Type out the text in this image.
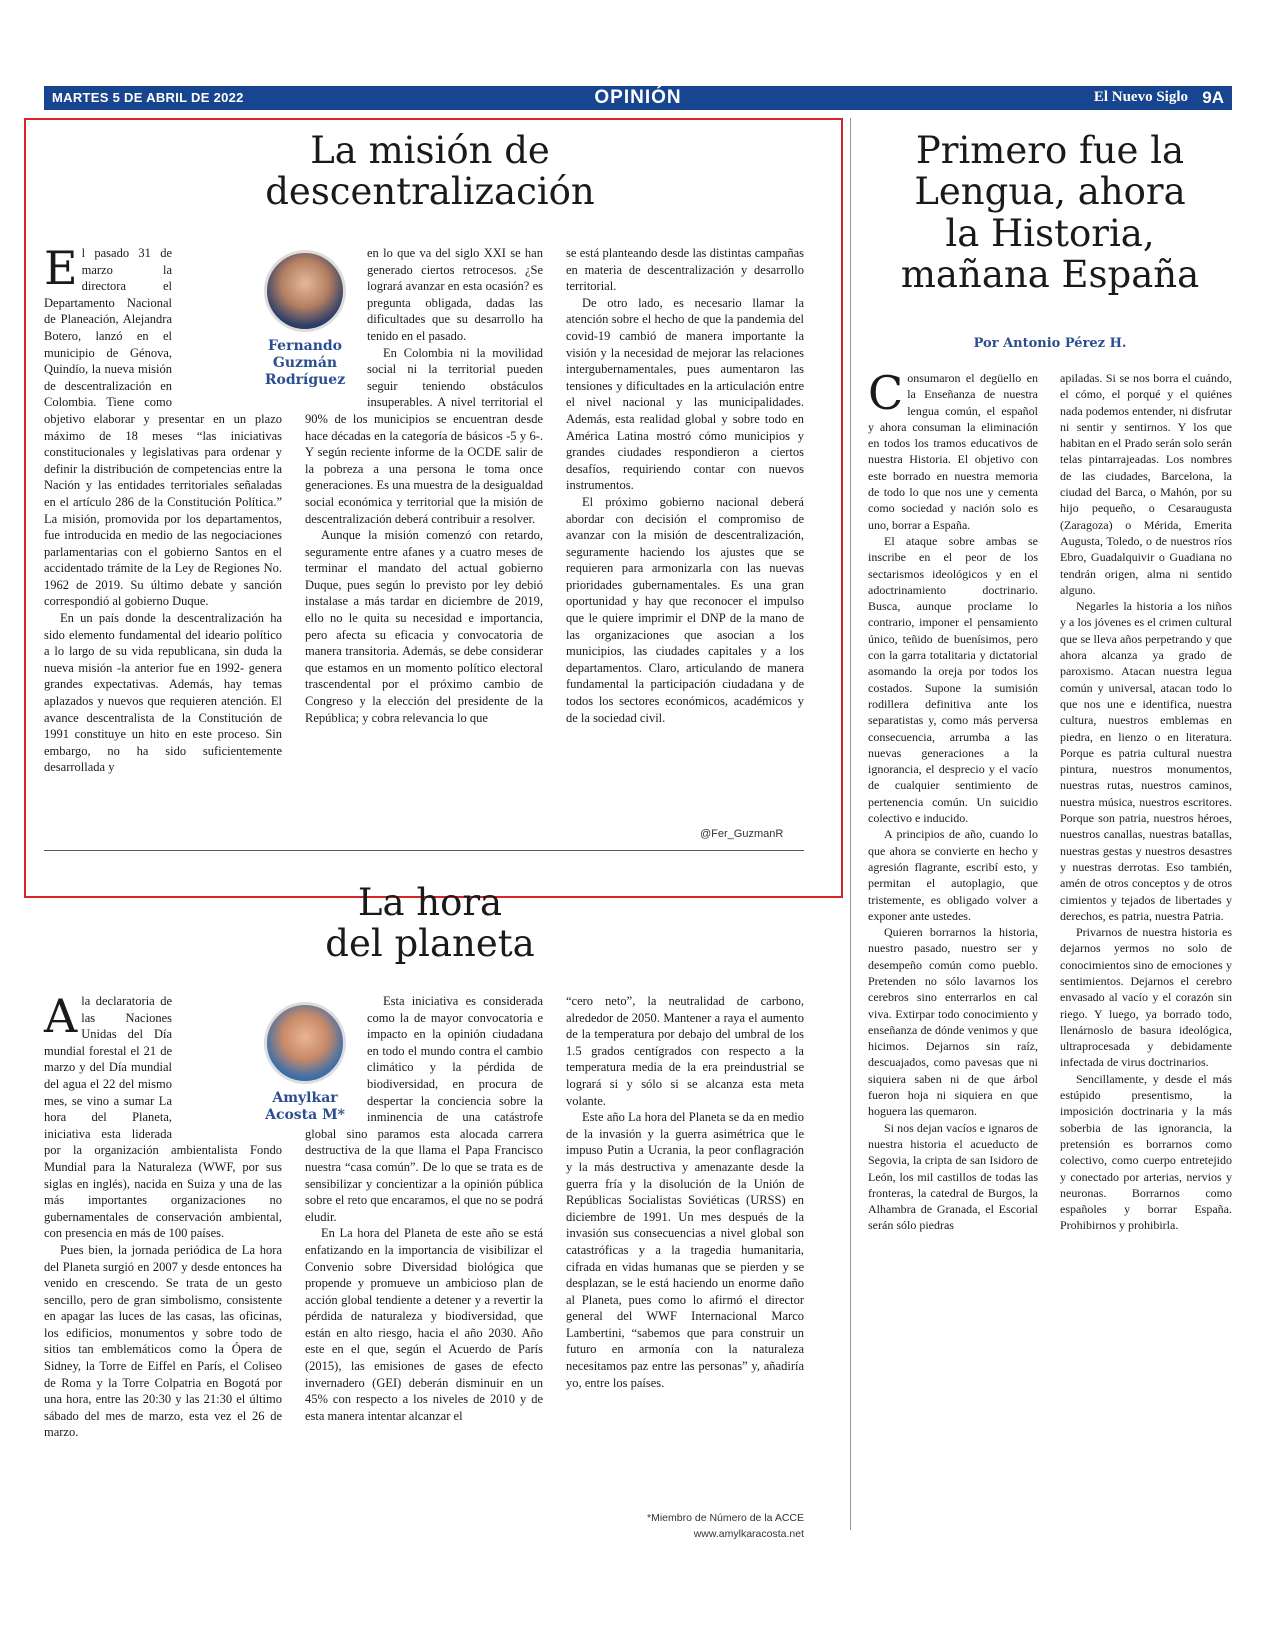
MARTES 5 DE ABRIL DE 2022	OPINIÓN	El Nuevo Siglo 9A
La misión de
descentralización
Fernando
Guzmán
Rodríguez

El pasado 31 de marzo la directora el Departamento Nacional de Planeación, Alejandra Botero, lanzó en el municipio de Génova, Quindío, la nueva misión de descentralización en Colombia. Tiene como objetivo elaborar y presentar en un plazo máximo de 18 meses “las iniciativas constitucionales y legislativas para ordenar y definir la distribución de competencias entre la Nación y las entidades territoriales señaladas en el artículo 286 de la Constitución Política.” La misión, promovida por los departamentos, fue introducida en medio de las negociaciones parlamentarias con el gobierno Santos en el accidentado trámite de la Ley de Regiones No. 1962 de 2019. Su último debate y sanción correspondió al gobierno Duque.

En un país donde la descentralización ha sido elemento fundamental del ideario político a lo largo de su vida republicana, sin duda la nueva misión -la anterior fue en 1992- genera grandes expectativas. Además, hay temas aplazados y nuevos que requieren atención. El avance descentralista de la Constitución de 1991 constituye un hito en este proceso. Sin embargo, no ha sido suficientemente desarrollada y

en lo que va del siglo XXI se han generado ciertos retrocesos. ¿Se logrará avanzar en esta ocasión? es pregunta obligada, dadas las dificultades que su desarrollo ha tenido en el pasado.

En Colombia ni la movilidad social ni la territorial pueden seguir teniendo obstáculos insuperables. A nivel territorial el 90% de los municipios se encuentran desde hace décadas en la categoría de básicos -5 y 6-. Y según reciente informe de la OCDE salir de la pobreza a una persona le toma once generaciones. Es una muestra de la desigualdad social económica y territorial que la misión de descentralización deberá contribuir a resolver.

Aunque la misión comenzó con retardo, seguramente entre afanes y a cuatro meses de terminar el mandato del actual gobierno Duque, pues según lo previsto por ley debió instalase a más tardar en diciembre de 2019, ello no le quita su necesidad e importancia, pero afecta su eficacia y convocatoria de manera transitoria. Además, se debe considerar que estamos en un momento político electoral trascendental por el próximo cambio de Congreso y la elección del presidente de la República; y cobra relevancia lo que

se está planteando desde las distintas campañas en materia de descentralización y desarrollo territorial.

De otro lado, es necesario llamar la atención sobre el hecho de que la pandemia del covid-19 cambió de manera importante la visión y la necesidad de mejorar las relaciones intergubernamentales, pues aumentaron las tensiones y dificultades en la articulación entre el nivel nacional y las municipalidades. Además, esta realidad global y sobre todo en América Latina mostró cómo municipios y grandes ciudades respondieron a ciertos desafíos, requiriendo contar con nuevos instrumentos.

El próximo gobierno nacional deberá abordar con decisión el compromiso de avanzar con la misión de descentralización, seguramente haciendo los ajustes que se requieren para armonizarla con las nuevas prioridades gubernamentales. Es una gran oportunidad y hay que reconocer el impulso que le quiere imprimir el DNP de la mano de las organizaciones que asocian a los municipios, las ciudades capitales y a los departamentos. Claro, articulando de manera fundamental la participación ciudadana y de todos los sectores económicos, académicos y de la sociedad civil.

@Fer_GuzmanR
La hora
del planeta
Amylkar
Acosta M*

A la declaratoria de las Naciones Unidas del Día mundial forestal el 21 de marzo y del Día mundial del agua el 22 del mismo mes, se vino a sumar La hora del Planeta, iniciativa esta liderada por la organización ambientalista Fondo Mundial para la Naturaleza (WWF, por sus siglas en inglés), nacida en Suiza y una de las más importantes organizaciones no gubernamentales de conservación ambiental, con presencia en más de 100 países.

Pues bien, la jornada periódica de La hora del Planeta surgió en 2007 y desde entonces ha venido en crescendo. Se trata de un gesto sencillo, pero de gran simbolismo, consistente en apagar las luces de las casas, las oficinas, los edificios, monumentos y sobre todo de sitios tan emblemáticos como la Ópera de Sidney, la Torre de Eiffel en París, el Coliseo de Roma y la Torre Colpatria en Bogotá por una hora, entre las 20:30 y las 21:30 el último sábado del mes de marzo, esta vez el 26 de marzo.

Esta iniciativa es considerada como la de mayor convocatoria e impacto en la opinión ciudadana en todo el mundo contra el cambio climático y la pérdida de biodiversidad, en procura de despertar la conciencia sobre la inminencia de una catástrofe global sino paramos esta alocada carrera destructiva de la que llama el Papa Francisco nuestra “casa común”. De lo que se trata es de sensibilizar y concientizar a la opinión pública sobre el reto que encaramos, el que no se podrá eludir.

En La hora del Planeta de este año se está enfatizando en la importancia de visibilizar el Convenio sobre Diversidad biológica que propende y promueve un ambicioso plan de acción global tendiente a detener y a revertir la pérdida de naturaleza y biodiversidad, que están en alto riesgo, hacia el año 2030. Año este en el que, según el Acuerdo de París (2015), las emisiones de gases de efecto invernadero (GEI) deberán disminuir en un 45% con respecto a los niveles de 2010 y de esta manera intentar alcanzar el

“cero neto”, la neutralidad de carbono, alrededor de 2050. Mantener a raya el aumento de la temperatura por debajo del umbral de los 1.5 grados centígrados con respecto a la temperatura media de la era preindustrial se logrará si y sólo si se alcanza esta meta volante.

Este año La hora del Planeta se da en medio de la invasión y la guerra asimétrica que le impuso Putin a Ucrania, la peor conflagración y la más destructiva y amenazante desde la guerra fría y la disolución de la Unión de Repúblicas Socialistas Soviéticas (URSS) en diciembre de 1991. Un mes después de la invasión sus consecuencias a nivel global son catastróficas y a la tragedia humanitaria, cifrada en vidas humanas que se pierden y se desplazan, se le está haciendo un enorme daño al Planeta, pues como lo afirmó el director general del WWF Internacional Marco Lambertini, “sabemos que para construir un futuro en armonía con la naturaleza necesitamos paz entre las personas” y, añadiría yo, entre los países.

*Miembro de Número de la ACCE
www.amylkaracosta.net
Primero fue la
Lengua, ahora
la Historia,
mañana España
Por Antonio Pérez H.

Consumaron el degüello en la Enseñanza de nuestra lengua común, el español y ahora consuman la eliminación en todos los tramos educativos de nuestra Historia. El objetivo con este borrado en nuestra memoria de todo lo que nos une y cementa como sociedad y nación solo es uno, borrar a España.

El ataque sobre ambas se inscribe en el peor de los sectarismos ideológicos y en el adoctrinamiento doctrinario. Busca, aunque proclame lo contrario, imponer el pensamiento único, teñido de buenísimos, pero con la garra totalitaria y dictatorial asomando la oreja por todos los costados. Supone la sumisión rodillera definitiva ante los separatistas y, como más perversa consecuencia, arrumba a las nuevas generaciones a la ignorancia, el desprecio y el vacío de cualquier sentimiento de pertenencia común. Un suicidio colectivo e inducido.

A principios de año, cuando lo que ahora se convierte en hecho y agresión flagrante, escribí esto, y permitan el autoplagio, que tristemente, es obligado volver a exponer ante ustedes.

Quieren borrarnos la historia, nuestro pasado, nuestro ser y desempeño común como pueblo. Pretenden no sólo lavarnos los cerebros sino enterrarlos en cal viva. Extirpar todo conocimiento y enseñanza de dónde venimos y que hicimos. Dejarnos sin raíz, descuajados, como pavesas que ni siquiera saben ni de que árbol fueron hoja ni siquiera en que hoguera las quemaron.

Si nos dejan vacíos e ignaros de nuestra historia el acueducto de Segovia, la cripta de san Isidoro de León, los mil castillos de todas las fronteras, la catedral de Burgos, la Alhambra de Granada, el Escorial serán sólo piedras

apiladas. Si se nos borra el cuándo, el cómo, el porqué y el quiénes nada podemos entender, ni disfrutar ni sentir y sentirnos. Y los que habitan en el Prado serán solo serán telas pintarrajeadas. Los nombres de las ciudades, Barcelona, la ciudad del Barca, o Mahón, por su hijo pequeño, o Cesaraugusta (Zaragoza) o Mérida, Emerita Augusta, Toledo, o de nuestros ríos Ebro, Guadalquivir o Guadiana no tendrán origen, alma ni sentido alguno.

Negarles la historia a los niños y a los jóvenes es el crimen cultural que se lleva años perpetrando y que ahora alcanza ya grado de paroxismo. Atacan nuestra legua común y universal, atacan todo lo que nos une e identifica, nuestra cultura, nuestros emblemas en piedra, en lienzo o en literatura. Porque es patria cultural nuestra pintura, nuestros monumentos, nuestras rutas, nuestros caminos, nuestra música, nuestros escritores. Porque son patria, nuestros héroes, nuestros canallas, nuestras batallas, nuestras gestas y nuestros desastres y nuestras derrotas. Eso también, amén de otros conceptos y de otros cimientos y tejados de libertades y derechos, es patria, nuestra Patria.

Privarnos de nuestra historia es dejarnos yermos no solo de conocimientos sino de emociones y sentimientos. Dejarnos el cerebro envasado al vacío y el corazón sin riego. Y luego, ya borrado todo, llenárnoslo de basura ideológica, ultraprocesada y debidamente infectada de virus doctrinarios.

Sencillamente, y desde el más estúpido presentismo, la imposición doctrinaria y la más soberbia de las ignorancia, la pretensión es borrarnos como colectivo, como cuerpo entretejido y conectado por arterias, nervios y neuronas. Borrarnos como españoles y borrar España. Prohibirnos y prohibirla.
